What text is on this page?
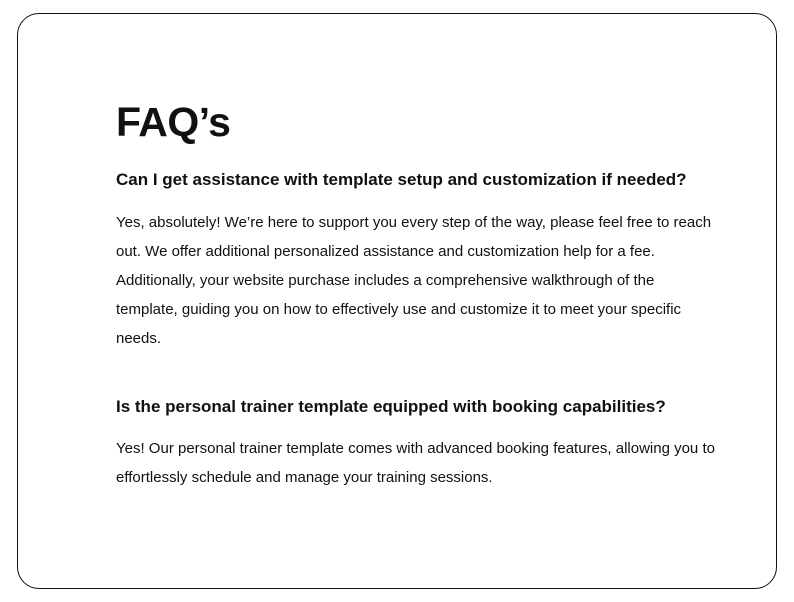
FAQ’s
Can I get assistance with template setup and customization if needed?

Yes, absolutely! We’re here to support you every step of the way, please feel free to reach out. We offer additional personalized assistance and customization help for a fee. Additionally, your website purchase includes a comprehensive walkthrough of the template, guiding you on how to effectively use and customize it to meet your specific needs.

Is the personal trainer template equipped with booking capabilities?

Yes! Our personal trainer template comes with advanced booking features, allowing you to effortlessly schedule and manage your training sessions.
